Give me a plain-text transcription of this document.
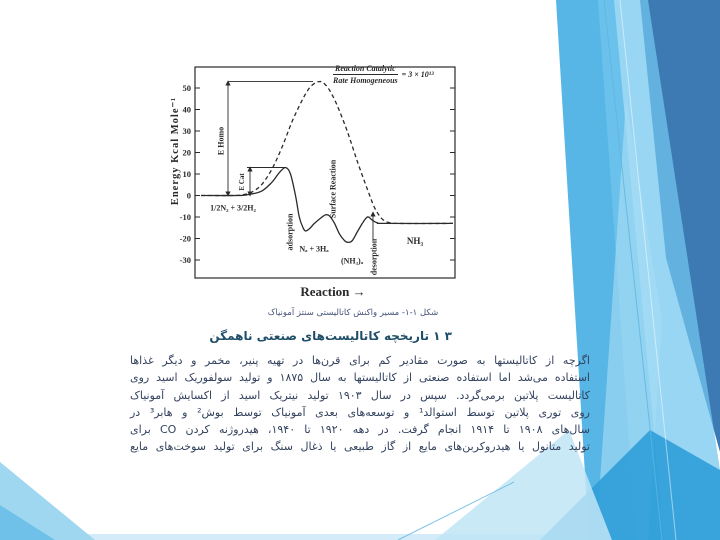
50
40
30
20
10
0
-10
-20
-30
Energy Kcal Mole⁻¹
Reaction →
1/2N₂ + 3/2H₂
adsorption Nₐ + 3Hₐ
Surface Reaction
(NH₃)ₐ desorption	NH₃
E Homo
E Cat
$\frac{\text{Reaction Catalytic}}{\text{Rate Homogeneous}} = 3 \times 10^{13}$
شکل ۱-۱- مسیر واکنش کاتالیستی سنتز آمونیاک
۳ ۱ تاریخچه کاتالیست‌های صنعتی ناهمگن
اگرچه از کاتالیستها به صورت مقادیر کم برای قرن‌ها در تهیه پنیر، مخمر و دیگر غذاها
استفاده می‌شد اما استفاده صنعتی از کاتالیستها به سال ۱۸۷۵ و تولید سولفوریک اسید روی
کاتالیست پلاتین برمی‌گردد. سپس در سال ۱۹۰۳ تولید نیتریک اسید از اکسایش آمونیاک
روی توری پلاتین توسط استوالد¹ و توسعه‌های بعدی آمونیاک توسط بوش² و هابر³ در
سال‌های ۱۹۰۸ تا ۱۹۱۴ انجام گرفت. در دهه ۱۹۲۰ تا ۱۹۴۰، هیدروژنه کردن CO برای
تولید متانول یا هیدروکربن‌های مایع از گاز طبیعی یا ذغال سنگ برای تولید سوخت‌های مایع
